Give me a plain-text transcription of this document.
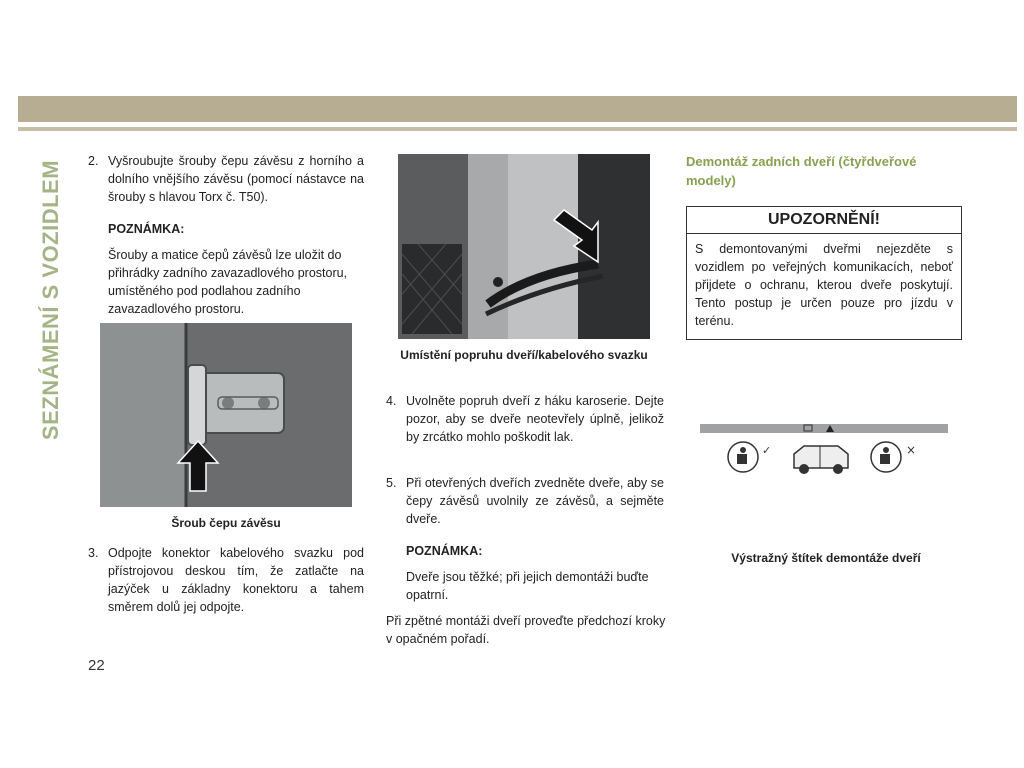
SEZNÁMENÍ S VOZIDLEM 2. Vyšroubujte šrouby čepu závěsu z horního a dolního vnějšího závěsu (pomocí nástavce na šrouby s hlavou Torx č. T50).
POZNÁMKA:
Šrouby a matice čepů závěsů lze uložit do přihrádky zadního zavazadlového prostoru, umístěného pod podlahou zadního zavazadlového prostoru.
Šroub čepu závěsu
3. Odpojte konektor kabelového svazku pod přístrojovou deskou tím, že zatlačte na jazýček u základny konektoru a tahem směrem dolů jej odpojte.
Umístění popruhu dveří/kabelového svazku
4. Uvolněte popruh dveří z háku karoserie. Dejte pozor, aby se dveře neotevřely úplně, jelikož by zrcátko mohlo poškodit lak.
5. Při otevřených dveřích zvedněte dveře, aby se čepy závěsů uvolnily ze závěsů, a sejměte dveře.
POZNÁMKA:
Dveře jsou těžké; při jejich demontáži buďte opatrní.
Při zpětné montáži dveří proveďte předchozí kroky v opačném pořadí.
Demontáž zadních dveří (čtyřdveřové modely)
UPOZORNĚNÍ!
S demontovanými dveřmi nejezděte s vozidlem po veřejných komunikacích, neboť přijdete o ochranu, kterou dveře poskytují. Tento postup je určen pouze pro jízdu v terénu.
✓	×
Výstražný štítek demontáže dveří
22
